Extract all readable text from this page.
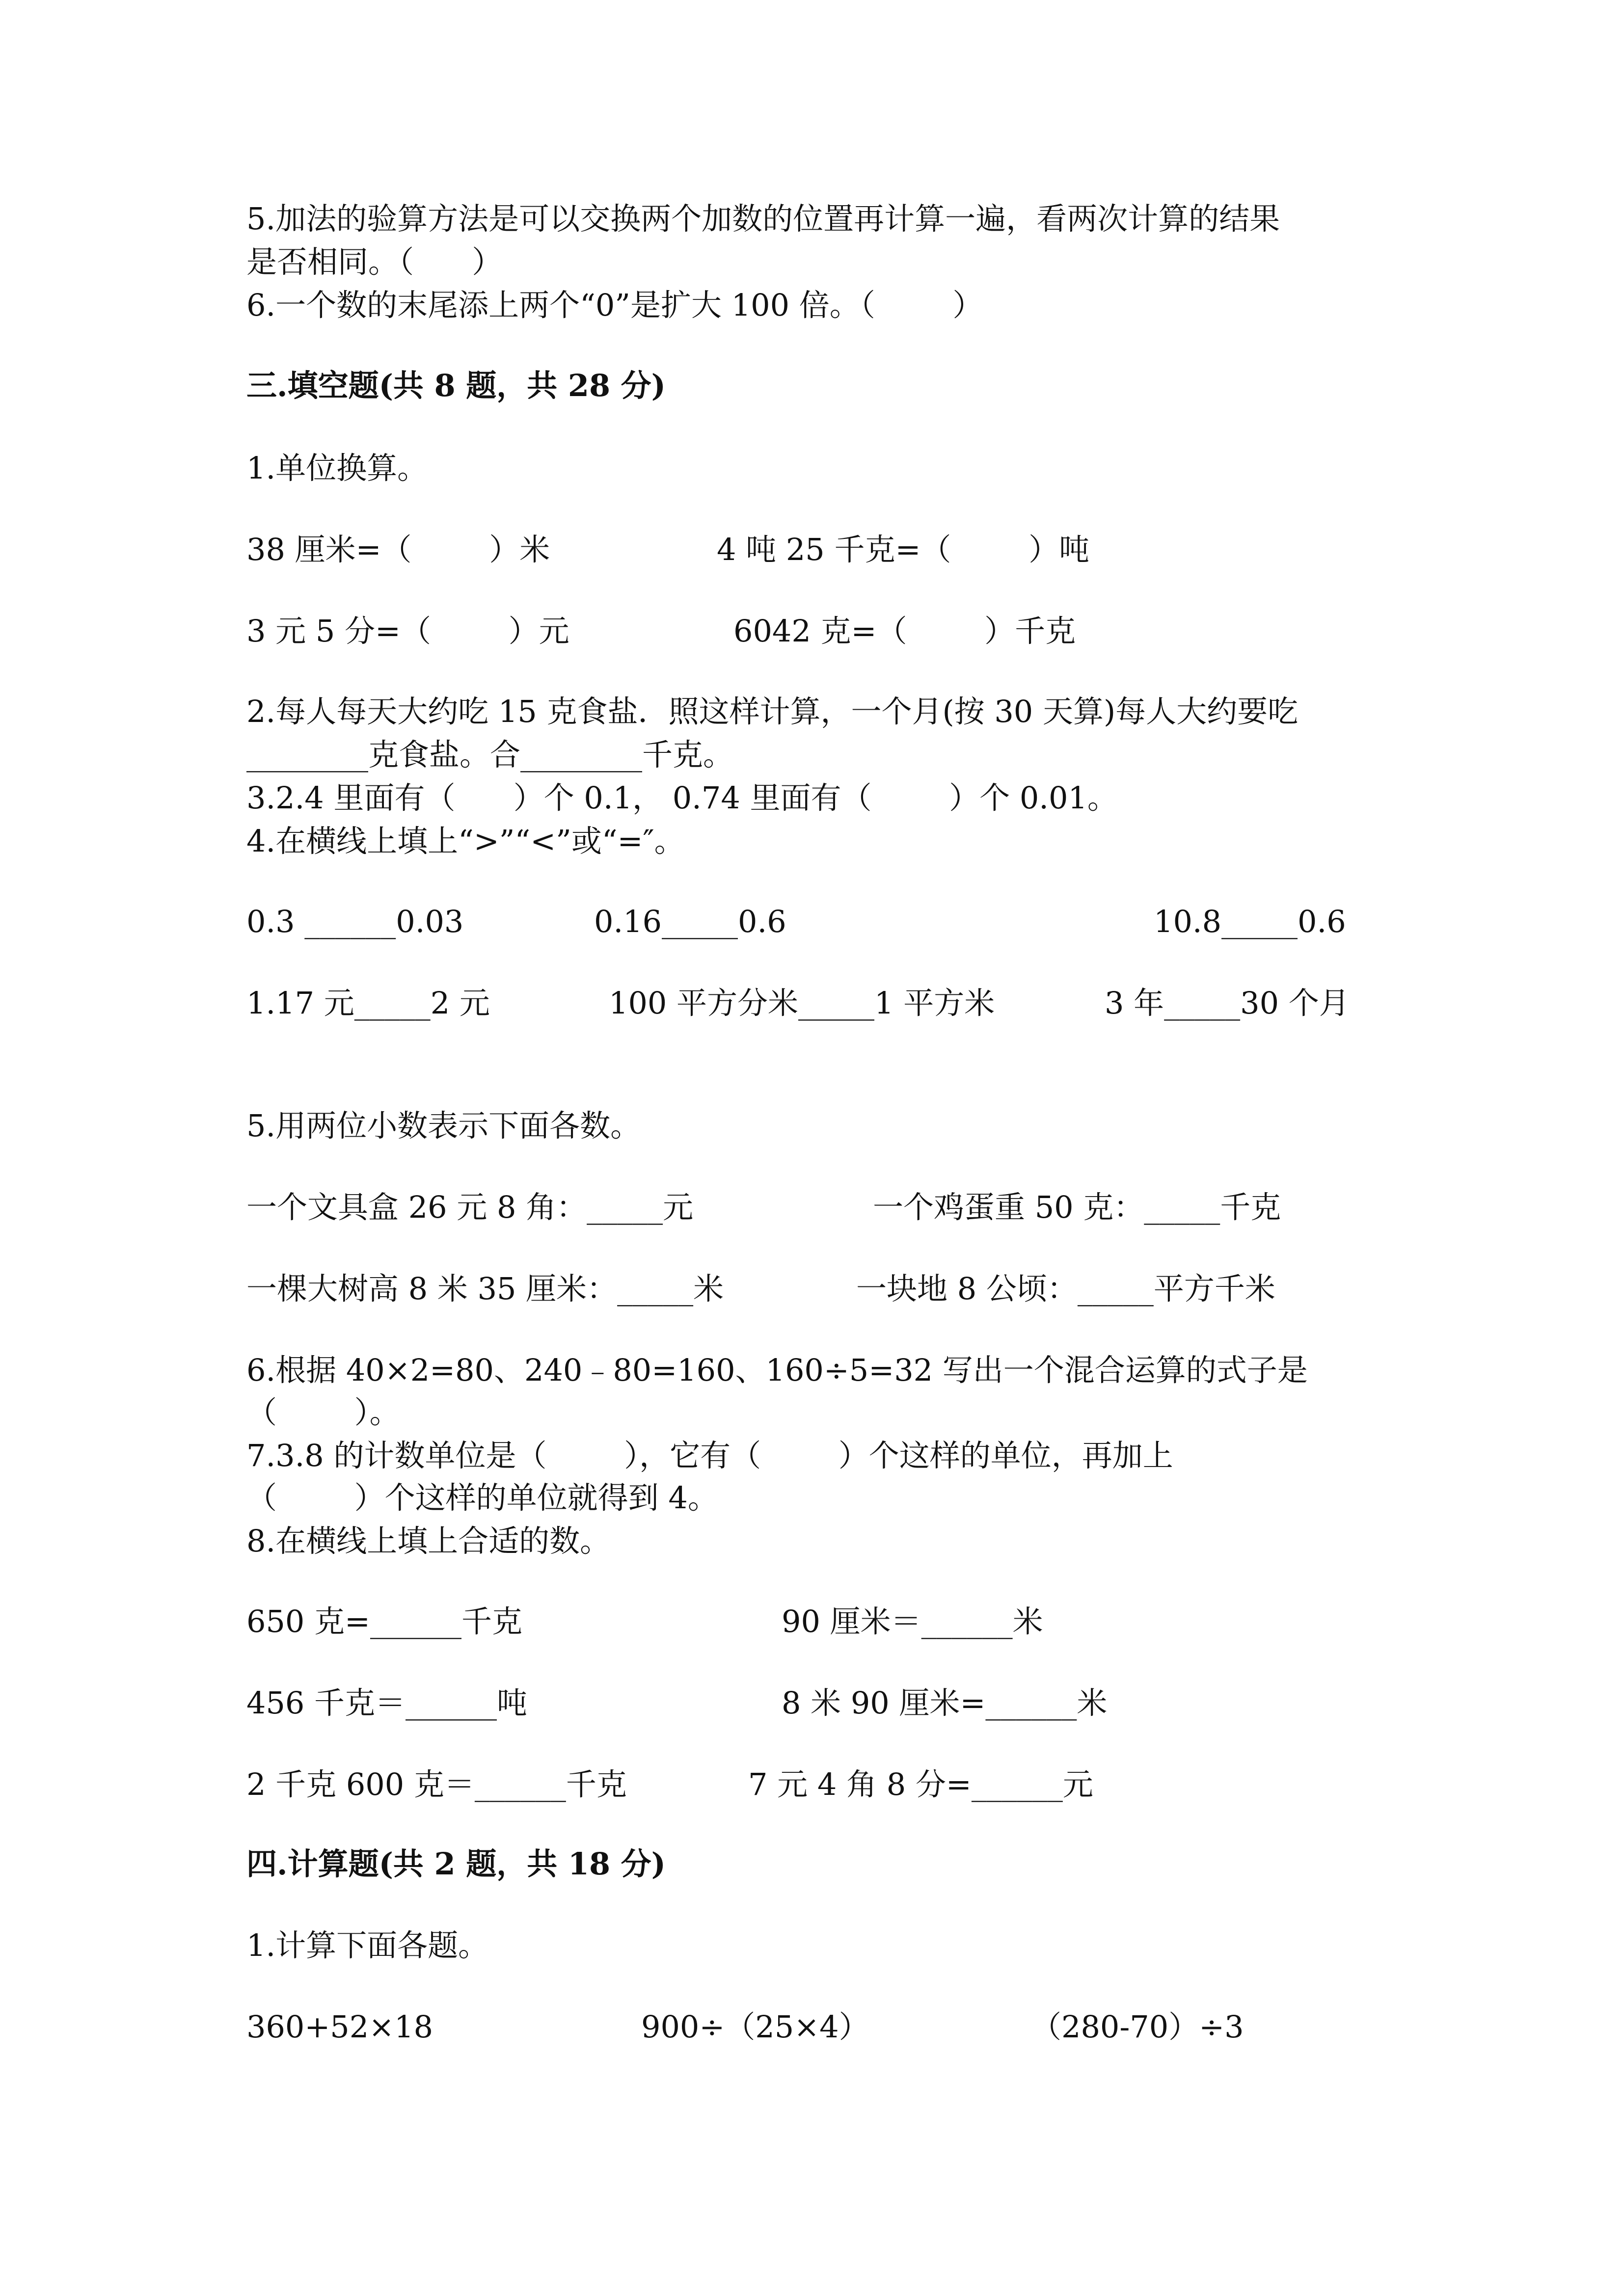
5.加法的验算方法是可以交换两个加数的位置再计算一遍，看两次计算的结果
是否相同。（      ）
6.一个数的末尾添上两个“0”是扩大 100 倍。（        ）
三.填空题(共 8 题，共 28 分)
1.单位换算。
38 厘米=（        ）米	4 吨 25 千克=（        ）吨
3 元 5 分=（        ）元	6042 克=（        ）千克
2.每人每天大约吃 15 克食盐．照这样计算，一个月(按 30 天算)每人大约要吃
________克食盐。合________千克。
3.2.4 里面有（      ）个 0.1， 0.74 里面有（        ）个 0.01。
4.在横线上填上“>”“<”或“=″。
0.3 ______0.03	0.16_____0.6	10.8_____0.6
1.17 元_____2 元	100 平方分米_____1 平方米	3 年_____30 个月
5.用两位小数表示下面各数。
一个文具盒 26 元 8 角：_____元	一个鸡蛋重 50 克：_____千克
一棵大树高 8 米 35 厘米：_____米	一块地 8 公顷：_____平方千米
6.根据 40×2=80、240﹣80=160、160÷5=32 写出一个混合运算的式子是
（        ）。
7.3.8 的计数单位是（        ），它有（        ）个这样的单位，再加上
（        ）个这样的单位就得到 4。
8.在横线上填上合适的数。
650 克=______千克	90 厘米＝______米
456 千克＝______吨	8 米 90 厘米=______米
2 千克 600 克＝______千克	7 元 4 角 8 分=______元
四.计算题(共 2 题，共 18 分)
1.计算下面各题。
360+52×18	900÷（25×4）	（280-70）÷3
